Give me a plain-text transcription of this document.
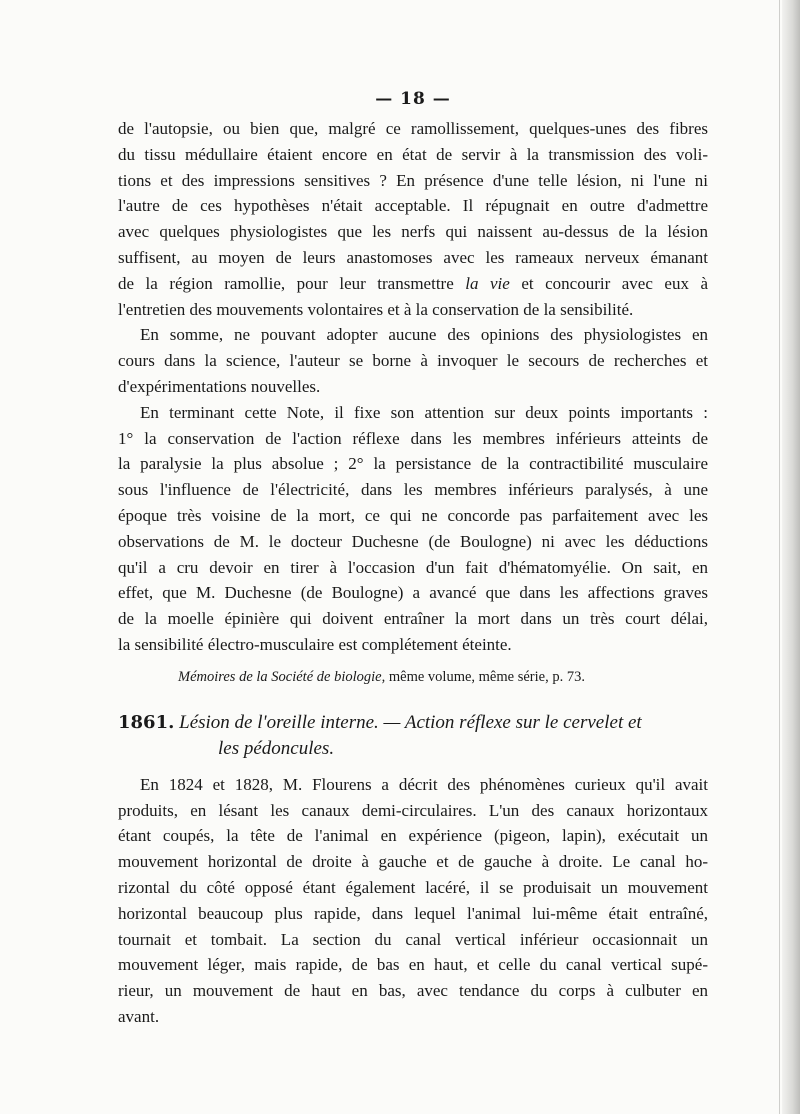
— 18 —
de l'autopsie, ou bien que, malgré ce ramollissement, quelques-unes des fibres
du tissu médullaire étaient encore en état de servir à la transmission des voli-
tions et des impressions sensitives ? En présence d'une telle lésion, ni l'une ni
l'autre de ces hypothèses n'était acceptable. Il répugnait en outre d'admettre
avec quelques physiologistes que les nerfs qui naissent au-dessus de la lésion
suffisent, au moyen de leurs anastomoses avec les rameaux nerveux émanant
de la région ramollie, pour leur transmettre la vie et concourir avec eux à
l'entretien des mouvements volontaires et à la conservation de la sensibilité.
En somme, ne pouvant adopter aucune des opinions des physiologistes en
cours dans la science, l'auteur se borne à invoquer le secours de recherches et
d'expérimentations nouvelles.
En terminant cette Note, il fixe son attention sur deux points importants :
1° la conservation de l'action réflexe dans les membres inférieurs atteints de
la paralysie la plus absolue ; 2° la persistance de la contractibilité musculaire
sous l'influence de l'électricité, dans les membres inférieurs paralysés, à une
époque très voisine de la mort, ce qui ne concorde pas parfaitement avec les
observations de M. le docteur Duchesne (de Boulogne) ni avec les déductions
qu'il a cru devoir en tirer à l'occasion d'un fait d'hématomyélie. On sait, en
effet, que M. Duchesne (de Boulogne) a avancé que dans les affections graves
de la moelle épinière qui doivent entraîner la mort dans un très court délai,
la sensibilité électro-musculaire est complétement éteinte.
Mémoires de la Société de biologie, même volume, même série, p. 73.
1861. Lésion de l'oreille interne. — Action réflexe sur le cervelet et
les pédoncules.
En 1824 et 1828, M. Flourens a décrit des phénomènes curieux qu'il avait
produits, en lésant les canaux demi-circulaires. L'un des canaux horizontaux
étant coupés, la tête de l'animal en expérience (pigeon, lapin), exécutait un
mouvement horizontal de droite à gauche et de gauche à droite. Le canal ho-
rizontal du côté opposé étant également lacéré, il se produisait un mouvement
horizontal beaucoup plus rapide, dans lequel l'animal lui-même était entraîné,
tournait et tombait. La section du canal vertical inférieur occasionnait un
mouvement léger, mais rapide, de bas en haut, et celle du canal vertical supé-
rieur, un mouvement de haut en bas, avec tendance du corps à culbuter en
avant.
